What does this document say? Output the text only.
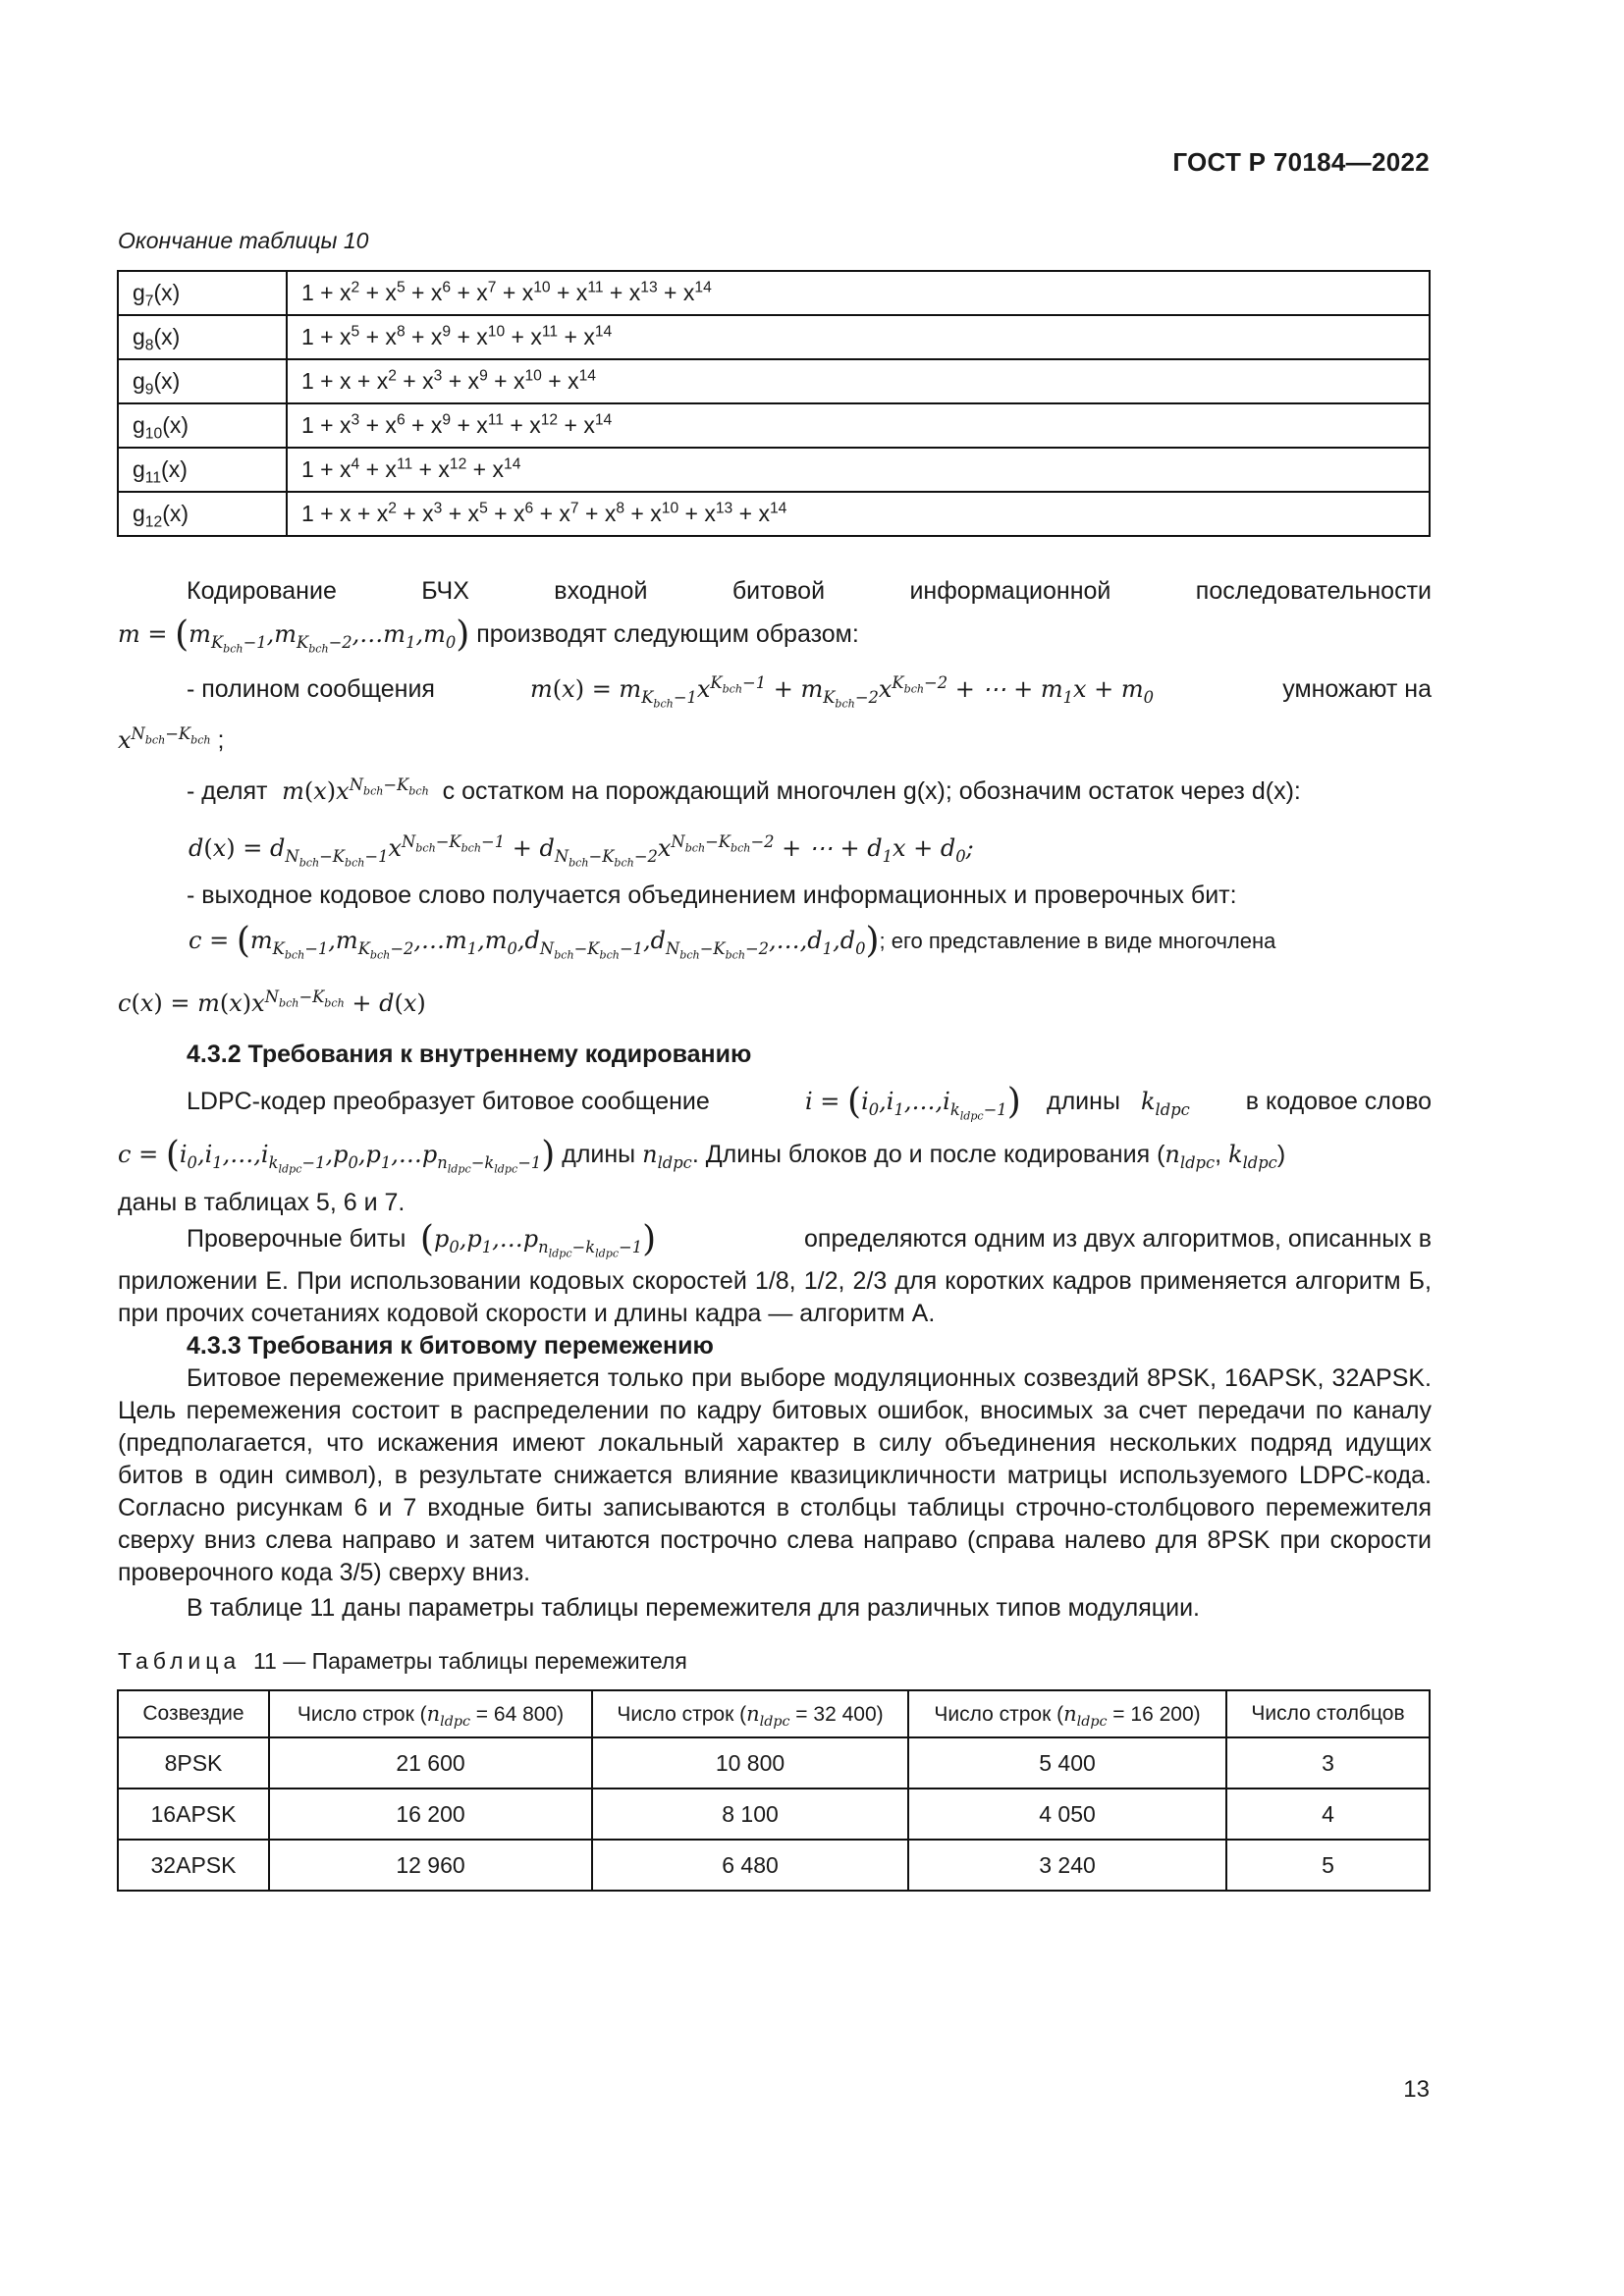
ГОСТ Р 70184—2022
Окончание таблицы 10
$g_7(x)$	$1 + x^2 + x^5 + x^6 + x^7 + x^{10} + x^{11} + x^{13} + x^{14}$
$g_8(x)$	$1 + x^5 + x^8 + x^9 + x^{10} + x^{11} + x^{14}$
$g_9(x)$	$1 + x + x^2 + x^3 + x^9 + x^{10} + x^{14}$
$g_{10}(x)$	$1 + x^3 + x^6 + x^9 + x^{11} + x^{12} + x^{14}$
$g_{11}(x)$	$1 + x^4 + x^{11} + x^{12} + x^{14}$
$g_{12}(x)$	$1 + x + x^2 + x^3 + x^5 + x^6 + x^7 + x^8 + x^{10} + x^{13} + x^{14}$
Кодирование БЧХ входной битовой информационной последовательности
$m = (m_{K_{bch}-1},m_{K_{bch}-2},\dots m_1,m_0)$ производят следующим образом:
- полином сообщения	$m(x) = m_{K_{bch}-1}x^{K_{bch}-1} + m_{K_{bch}-2}x^{K_{bch}-2}$ + ⋯ + $m_1x + m_0$	умножают на
$x^{N_{bch}-K_{bch}}$ ;
- делят  $m(x)x^{N_{bch}-K_{bch}}$ с остатком на порождающий многочлен g(x); обозначим остаток через d(x):
$d(x) = d_{N_{bch}-K_{bch}-1}x^{N_{bch}-K_{bch}-1} + d_{N_{bch}-K_{bch}-2}x^{N_{bch}-K_{bch}-2}$ + ⋯ + $d_1x + d_0$;
- выходное кодовое слово получается объединением информационных и проверочных бит:
$c = (m_{K_{bch}-1},m_{K_{bch}-2},\dots m_1,m_0,d_{N_{bch}-K_{bch}-1},d_{N_{bch}-K_{bch}-2},\dots,d_1,d_0)$; его представление в виде многочлена
$c(x) = m(x)x^{N_{bch}-K_{bch}} + d(x)$
4.3.2 Требования к внутреннему кодированию
LDPC-кодер преобразует битовое сообщение	$i = (i_0,i_1,\dots,i_{k_{ldpc}-1})$ длины $k_{ldpc}$ в кодовое слово
$c = (i_0,i_1,\dots,i_{k_{ldpc}-1},p_0,p_1,\dots p_{n_{ldpc}-k_{ldpc}-1})$ длины $n_{ldpc}$. Длины блоков до и после кодирования ($n_{ldpc}$, $k_{ldpc}$)
даны в таблицах 5, 6 и 7.
Проверочные биты $(p_0,p_1,\dots p_{n_{ldpc}-k_{ldpc}-1})$	определяются одним из двух алгоритмов, описанных в
приложении Е. При использовании кодовых скоростей 1/8, 1/2, 2/3 для коротких кадров применяется алгоритм Б, при прочих сочетаниях кодовой скорости и длины кадра — алгоритм А.
4.3.3 Требования к битовому перемежению
Битовое перемежение применяется только при выборе модуляционных созвездий 8PSK, 16APSK, 32APSK. Цель перемежения состоит в распределении по кадру битовых ошибок, вносимых за счет передачи по каналу (предполагается, что искажения имеют локальный характер в силу объединения нескольких подряд идущих битов в один символ), в результате снижается влияние квазицикличности матрицы используемого LDPC-кода. Согласно рисункам 6 и 7 входные биты записываются в столбцы таблицы строчно-столбцового перемежителя сверху вниз слева направо и затем читаются построчно слева направо (справа налево для 8PSK при скорости проверочного кода 3/5) сверху вниз.
В таблице 11 даны параметры таблицы перемежителя для различных типов модуляции.
Таблица 11 — Параметры таблицы перемежителя
Созвездие	Число строк ($n_{ldpc} = 64$ 800)	Число строк ($n_{ldpc} = 32$ 400)	Число строк ($n_{ldpc} = 16$ 200)	Число столбцов
8PSK	21 600	10 800	5 400	3
16APSK	16 200	8 100	4 050	4
32APSK	12 960	6 480	3 240	5
13
